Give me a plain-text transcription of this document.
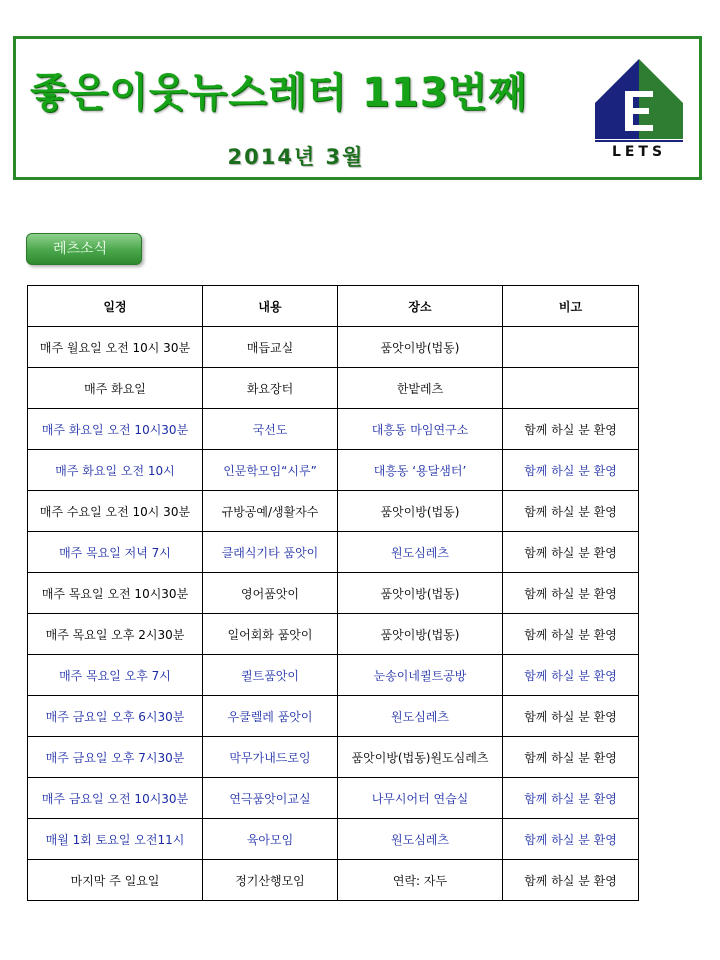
좋은이웃뉴스레터 113번째
2014년 3월	LETS
레츠소식
일정	내용	장소	비고
매주 월요일 오전 10시 30분	매듭교실	품앗이방(법동)	
매주 화요일	화요장터	한밭레츠	
매주 화요일 오전 10시30분	국선도	대흥동 마임연구소	함께 하실 분 환영
매주 화요일 오전 10시	인문학모임“시루”	대흥동 ‘용달샘터’	함께 하실 분 환영
매주 수요일 오전 10시 30분	규방공예/생활자수	품앗이방(법동)	함께 하실 분 환영
매주 목요일 저녁 7시	클래식기타 품앗이	원도심레츠	함께 하실 분 환영
매주 목요일 오전 10시30분	영어품앗이	품앗이방(법동)	함께 하실 분 환영
매주 목요일 오후 2시30분	일어회화 품앗이	품앗이방(법동)	함께 하실 분 환영
매주 목요일 오후 7시	퀼트품앗이	눈송이네퀼트공방	함께 하실 분 환영
매주 금요일 오후 6시30분	우쿨렐레 품앗이	원도심레츠	함께 하실 분 환영
매주 금요일 오후 7시30분	막무가내드로잉	품앗이방(법동)원도심레츠	함께 하실 분 환영
매주 금요일 오전 10시30분	연극품앗이교실	나무시어터 연습실	함께 하실 분 환영
매월 1회 토요일 오전11시	육아모임	원도심레츠	함께 하실 분 환영
마지막 주 일요일	정기산행모임	연락: 자두	함께 하실 분 환영
